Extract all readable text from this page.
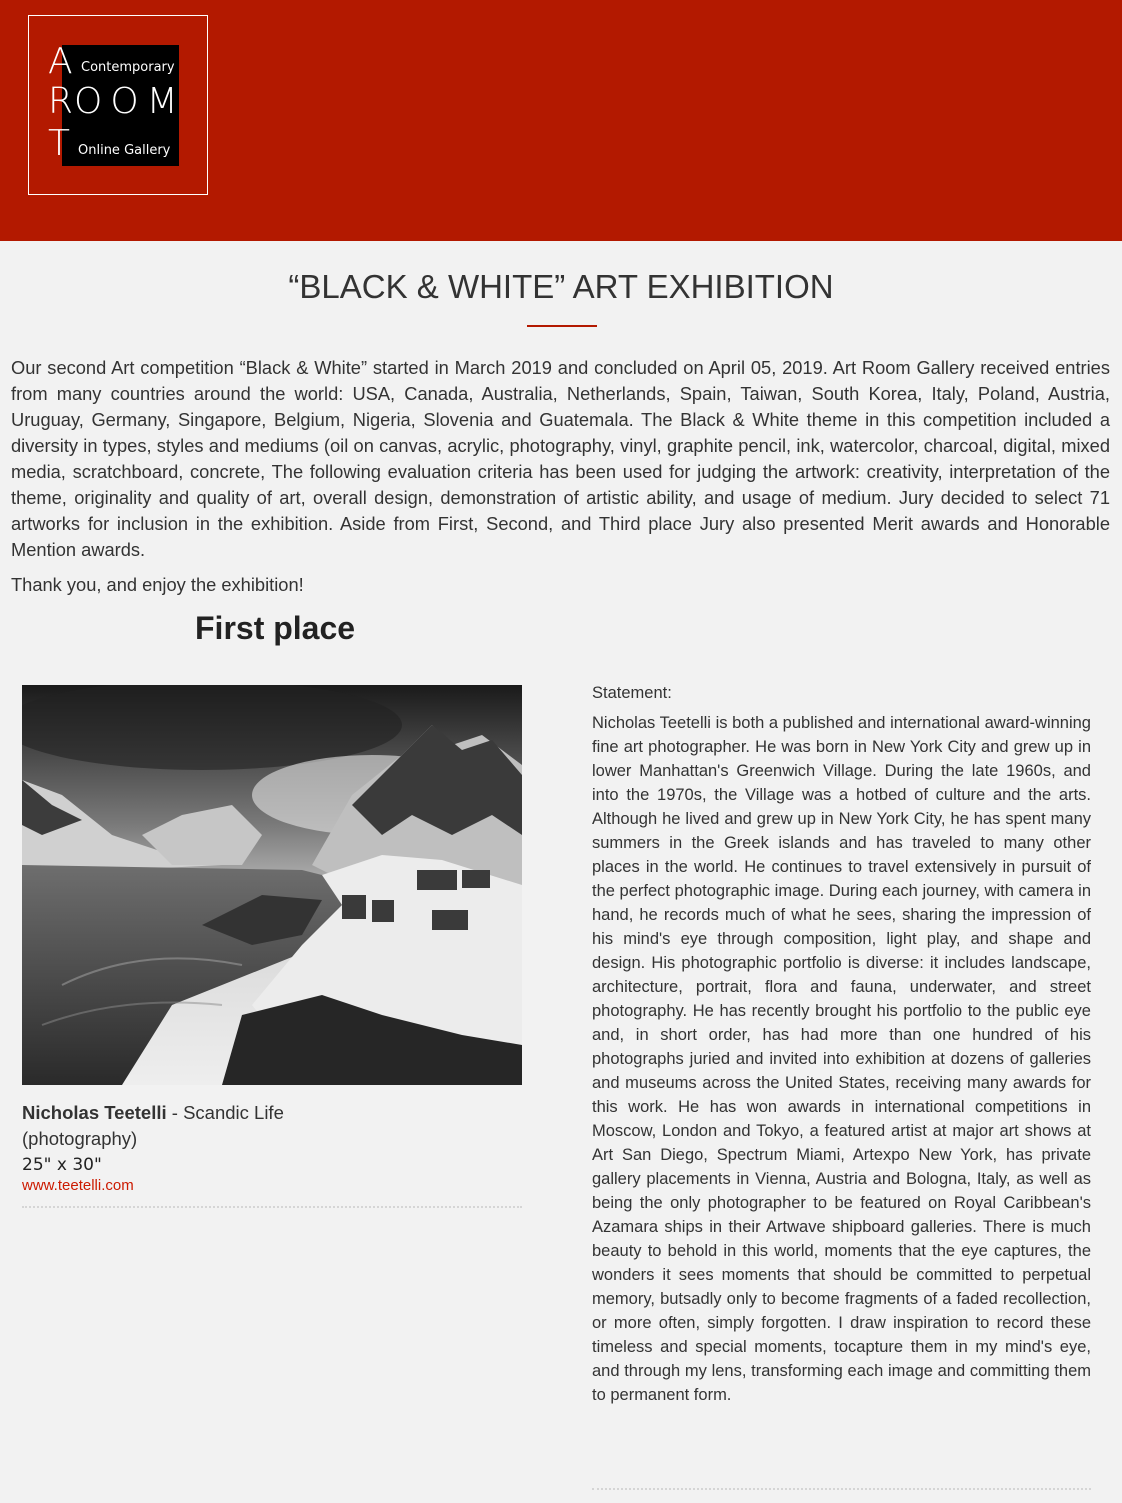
A
R
T
OOM
Contemporary
Online Gallery
“BLACK & WHITE” ART EXHIBITION

Our second Art competition “Black & White” started in March 2019 and concluded on April 05, 2019. Art Room Gallery received entries from many countries around the world: USA, Canada, Australia, Netherlands, Spain, Taiwan, South Korea, Italy, Poland, Austria, Uruguay, Germany, Singapore, Belgium, Nigeria, Slovenia and Guatemala. The Black & White theme in this competition included a diversity in types, styles and mediums (oil on canvas, acrylic, photography, vinyl, graphite pencil, ink, watercolor, charcoal, digital, mixed media, scratchboard, concrete, The following evaluation criteria has been used for judging the artwork: creativity, interpretation of the theme, originality and quality of art, overall design, demonstration of artistic ability, and usage of medium. Jury decided to select 71 artworks for inclusion in the exhibition. Aside from First, Second, and Third place Jury also presented Merit awards and Honorable Mention awards.

Thank you, and enjoy the exhibition!

First place
Nicholas Teetelli - Scandic Life
(photography)
25" x 30"
www.teetelli.com
Statement:

Nicholas Teetelli is both a published and international award-winning fine art photographer. He was born in New York City and grew up in lower Manhattan's Greenwich Village. During the late 1960s, and into the 1970s, the Village was a hotbed of culture and the arts. Although he lived and grew up in New York City, he has spent many summers in the Greek islands and has traveled to many other places in the world. He continues to travel extensively in pursuit of the perfect photographic image. During each journey, with camera in hand, he records much of what he sees, sharing the impression of his mind's eye through composition, light play, and shape and design. His photographic portfolio is diverse: it includes landscape, architecture, portrait, flora and fauna, underwater, and street photography. He has recently brought his portfolio to the public eye and, in short order, has had more than one hundred of his photographs juried and invited into exhibition at dozens of galleries and museums across the United States, receiving many awards for this work. He has won awards in international competitions in Moscow, London and Tokyo, a featured artist at major art shows at Art San Diego, Spectrum Miami, Artexpo New York, has private gallery placements in Vienna, Austria and Bologna, Italy, as well as being the only photographer to be featured on Royal Caribbean's Azamara ships in their Artwave shipboard galleries. There is much beauty to behold in this world, moments that the eye captures, the wonders it sees moments that should be committed to perpetual memory, butsadly only to become fragments of a faded recollection, or more often, simply forgotten. I draw inspiration to record these timeless and special moments, tocapture them in my mind's eye, and through my lens, transforming each image and committing them to permanent form.
